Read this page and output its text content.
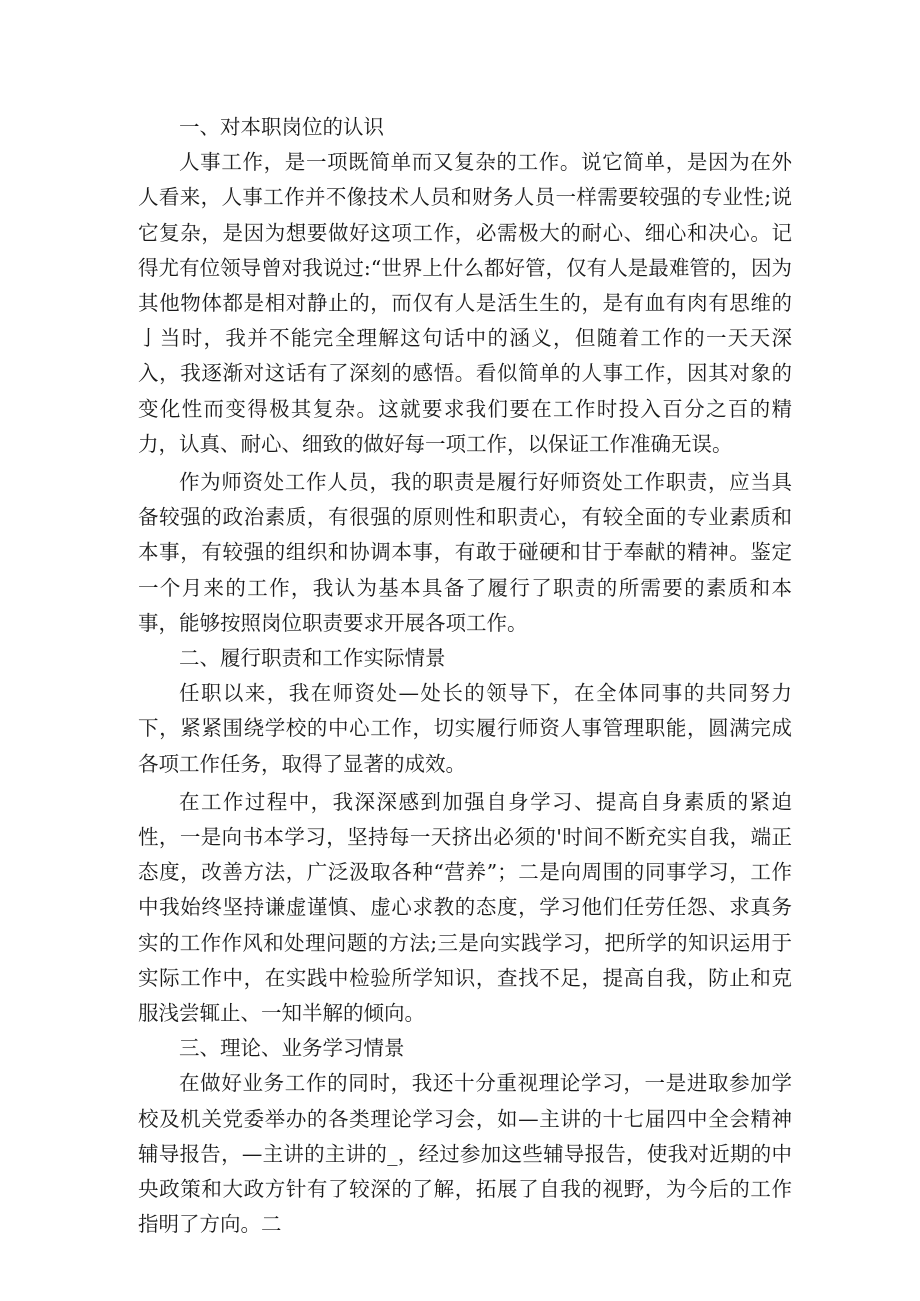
一、对本职岗位的认识

人事工作，是一项既简单而又复杂的工作。说它简单，是因为在外人看来，人事工作并不像技术人员和财务人员一样需要较强的专业性;说它复杂，是因为想要做好这项工作，必需极大的耐心、细心和决心。记得尤有位领导曾对我说过:“世界上什么都好管，仅有人是最难管的，因为其他物体都是相对静止的，而仅有人是活生生的，是有血有肉有思维的亅当时，我并不能完全理解这句话中的涵义，但随着工作的一天天深入，我逐渐对这话有了深刻的感悟。看似简单的人事工作，因其对象的变化性而变得极其复杂。这就要求我们要在工作时投入百分之百的精力，认真、耐心、细致的做好每一项工作，以保证工作准确无误。

作为师资处工作人员，我的职责是履行好师资处工作职责，应当具备较强的政治素质，有很强的原则性和职责心，有较全面的专业素质和本事，有较强的组织和协调本事，有敢于碰硬和甘于奉献的精神。鉴定一个月来的工作，我认为基本具备了履行了职责的所需要的素质和本事，能够按照岗位职责要求开展各项工作。

二、履行职责和工作实际情景

任职以来，我在师资处—处长的领导下，在全体同事的共同努力下，紧紧围绕学校的中心工作，切实履行师资人事管理职能，圆满完成各项工作任务，取得了显著的成效。

在工作过程中，我深深感到加强自身学习、提高自身素质的紧迫性，一是向书本学习，坚持每一天挤出必须的'时间不断充实自我，端正态度，改善方法，广泛汲取各种“营养”；二是向周围的同事学习，工作中我始终坚持谦虚谨慎、虚心求教的态度，学习他们任劳任怨、求真务实的工作作风和处理问题的方法;三是向实践学习，把所学的知识运用于实际工作中，在实践中检验所学知识，查找不足，提高自我，防止和克服浅尝辄止、一知半解的倾向。

三、理论、业务学习情景

在做好业务工作的同时，我还十分重视理论学习，一是进取参加学校及机关党委举办的各类理论学习会，如—主讲的十七届四中全会精神辅导报告，—主讲的主讲的_，经过参加这些辅导报告，使我对近期的中央政策和大政方针有了较深的了解，拓展了自我的视野，为今后的工作指明了方向。二
